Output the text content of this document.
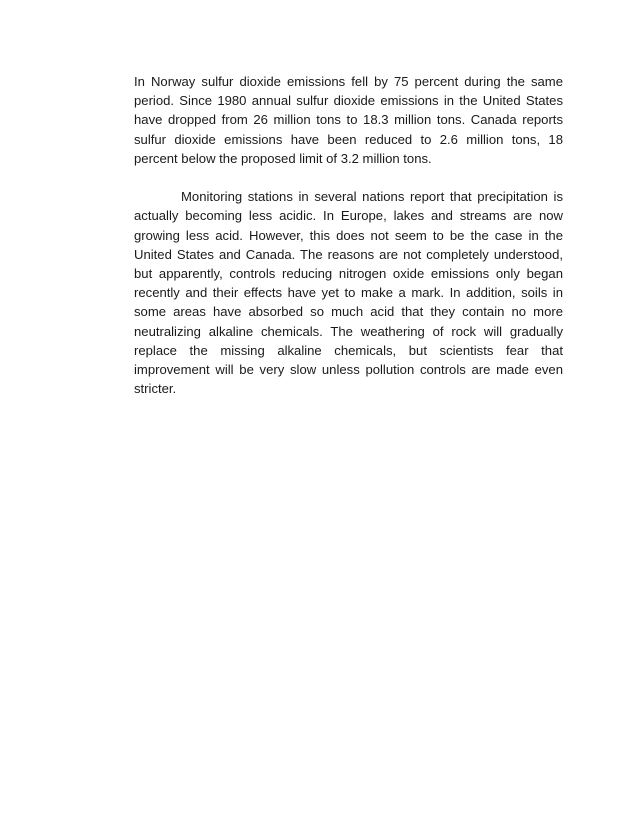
In Norway sulfur dioxide emissions fell by 75 percent during the same period. Since 1980 annual sulfur dioxide emissions in the United States have dropped from 26 million tons to 18.3 million tons. Canada reports sulfur dioxide emissions have been reduced to 2.6 million tons, 18 percent below the proposed limit of 3.2 million tons.

Monitoring stations in several nations report that precipitation is actually becoming less acidic. In Europe, lakes and streams are now growing less acid. However, this does not seem to be the case in the United States and Canada. The reasons are not completely understood, but apparently, controls reducing nitrogen oxide emissions only began recently and their effects have yet to make a mark. In addition, soils in some areas have absorbed so much acid that they contain no more neutralizing alkaline chemicals. The weathering of rock will gradually replace the missing alkaline chemicals, but scientists fear that improvement will be very slow unless pollution controls are made even stricter.
